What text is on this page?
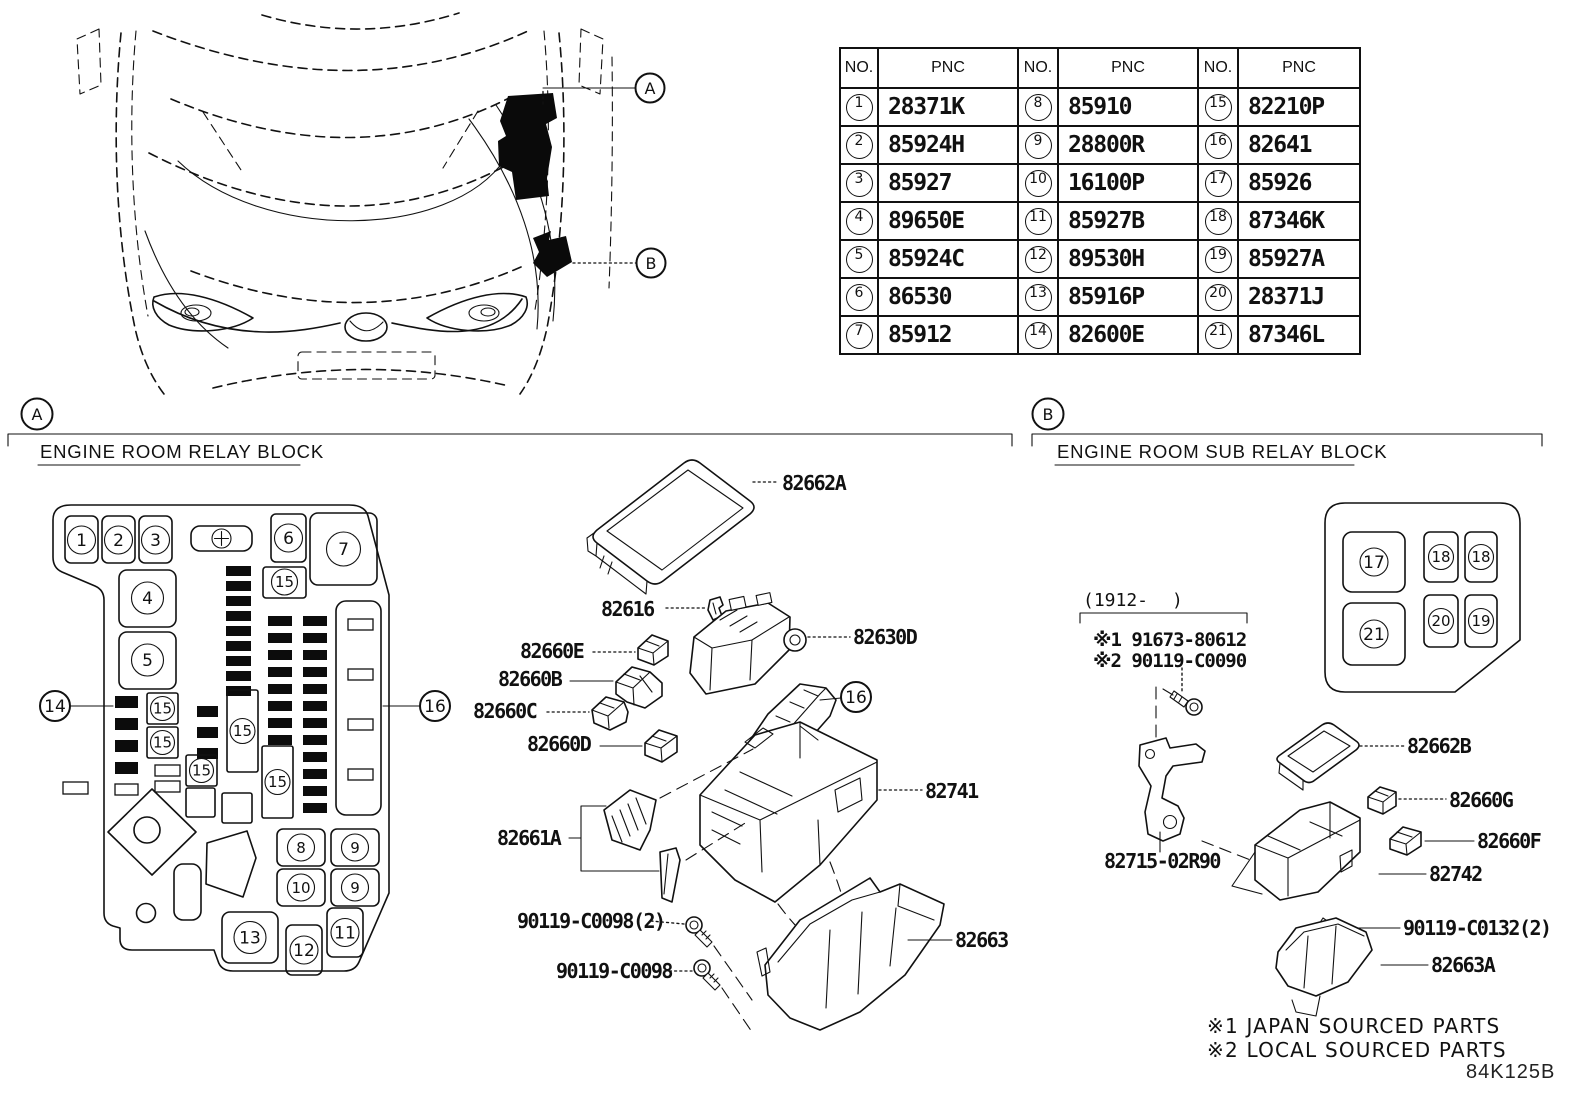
A
B
A
ENGINE ROOM RELAY BLOCK
B
ENGINE ROOM SUB RELAY BLOCK
1 2 3	6
7
15
4
5
15
15
15
15
15
8	9
10	9
13
12
11
14	16
82662A
82616
82630D
82660E
82660B
82660C
82660D
16
82741
82661A
90119-C0098(2)
90119-C0098
82663
17	18 18
21
20 19
(1912- )
※1 91673-80612
※2 90119-C0090
82715-02R90
82662B
82660G
82660F
82742
90119-C0132(2)
82663A
※1 JAPAN SOURCED PARTS
※2 LOCAL SOURCED PARTS
84K125B
NO.	PNC	NO.	PNC	NO.	PNC
1	28371K	8	85910	15	82210P
2	85924H	9	28800R	16	82641
3	85927	10	16100P	17	85926
4	89650E	11	85927B	18	87346K
5	85924C	12	89530H	19	85927A
6	86530	13	85916P	20	28371J
7	85912	14	82600E	21	87346L
